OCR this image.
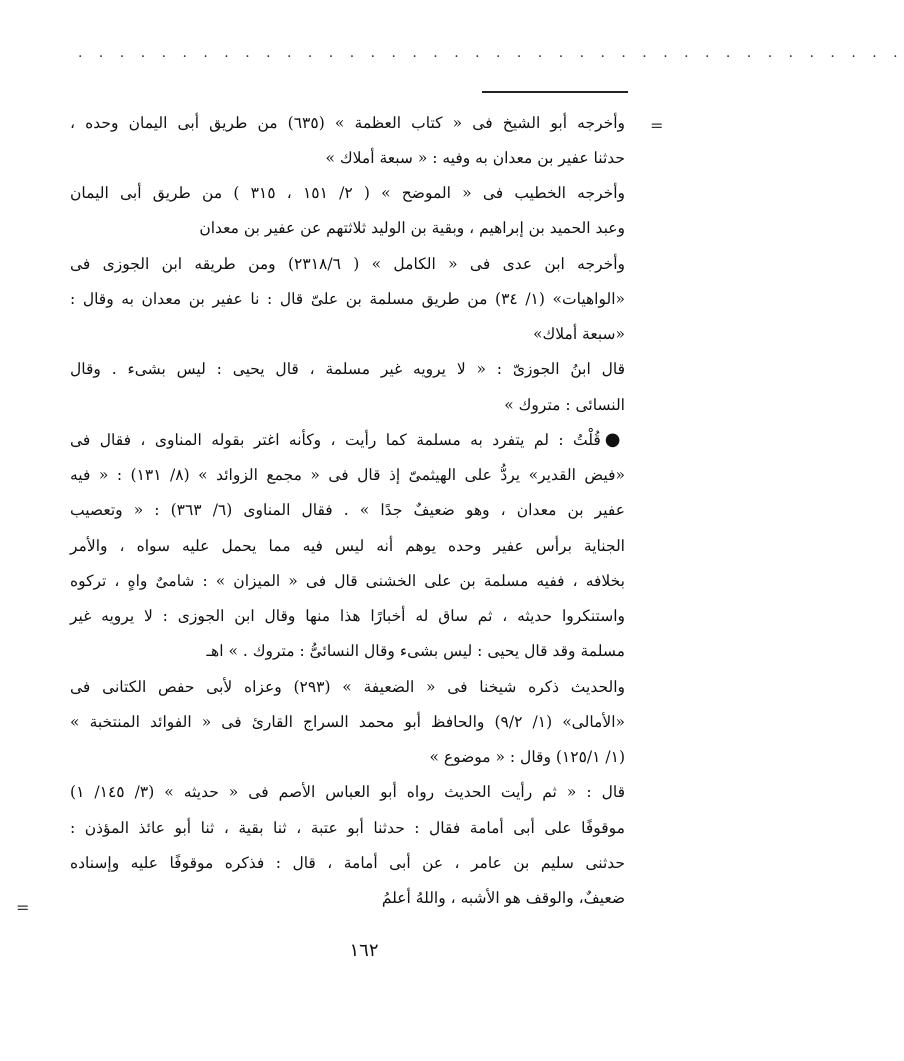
· · · · · · · · · · · · · · · · · · · · · · · · · · · · · · · · · · · · · · · ·
=
=
وأخرجه أبو الشيخ فى « كتاب العظمة » (٦٣٥) من طريق أبى اليمان وحده ،
حدثنا عفير بن معدان به وفيه : « سبعة أملاك »
وأخرجه الخطيب فى « الموضح » ( ٢/ ١٥١ ، ٣١٥ ) من طريق أبى اليمان
وعبد الحميد بن إبراهيم ، وبقية بن الوليد ثلاثتهم عن عفير بن معدان
وأخرجه ابن عدى فى « الكامل » ( ٢٣١٨/٦) ومن طريقه ابن الجوزى فى
«الواهيات» (١/ ٣٤) من طريق مسلمة بن علىّ قال : نا عفير بن معدان به وقال :
«سبعة أملاك»
قال ابنُ الجوزىّ : « لا يرويه غير مسلمة ، قال يحيى : ليس بشىء . وقال
النسائى : متروك »
●قُلْتُ : لم يتفرد به مسلمة كما رأيت ، وكأنه اغتر بقوله المناوى ، فقال فى
«فيض القدير» يردُّ على الهيثمىّ إذ قال فى « مجمع الزوائد » (٨/ ١٣١) : « فيه
عفير بن معدان ، وهو ضعيفٌ جدًا » . فقال المناوى (٦/ ٣٦٣) : « وتعصيب
الجناية برأس عفير وحده يوهم أنه ليس فيه مما يحمل عليه سواه ، والأمر
بخلافه ، ففيه مسلمة بن على الخشنى قال فى « الميزان » : شامىٌ واهٍ ، تركوه
واستنكروا حديثه ، ثم ساق له أخبارًا هذا منها وقال ابن الجوزى : لا يرويه غير
مسلمة وقد قال يحيى : ليس بشىء وقال النسائىُّ : متروك . » اهـ
والحديث ذكره شيخنا فى « الضعيفة » (٢٩٣) وعزاه لأبى حفص الكتانى فى
«الأمالى» (١/ ٩/٢) والحافظ أبو محمد السراج القارئ فى « الفوائد المنتخبة »
(١/ ١٢٥/١) وقال : « موضوع »
قال : « ثم رأيت الحديث رواه أبو العباس الأصم فى « حديثه » (٣/ ١٤٥/ ١)
موقوفًا على أبى أمامة فقال : حدثنا أبو عتبة ، ثنا بقية ، ثنا أبو عائذ المؤذن :
حدثنى سليم بن عامر ، عن أبى أمامة ، قال : فذكره موقوفًا عليه وإسناده
ضعيفٌ، والوقف هو الأشبه ، واللهُ أعلمُ
١٦٢
